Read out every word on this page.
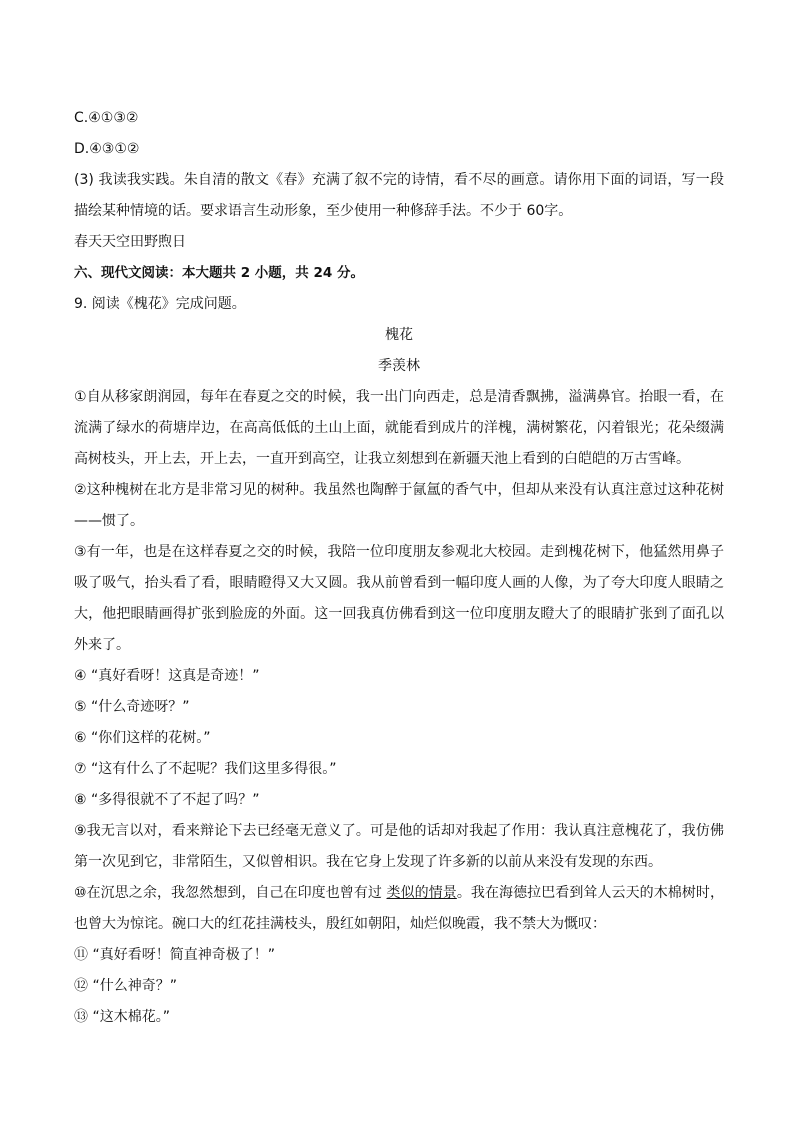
C.④①③②
D.④③①②
(3) 我读我实践。朱自清的散文《春》充满了叙不完的诗情，看不尽的画意。请你用下面的词语，写一段描绘某种情境的话。要求语言生动形象，至少使用一种修辞手法。不少于 60字。
春天天空田野煦日
六、现代文阅读：本大题共 2 小题，共 24 分。
9. 阅读《槐花》完成问题。
槐花
季羡林
①自从移家朗润园，每年在春夏之交的时候，我一出门向西走，总是清香飘拂，溢满鼻官。抬眼一看，在流满了绿水的荷塘岸边，在高高低低的土山上面，就能看到成片的洋槐，满树繁花，闪着银光；花朵缀满高树枝头，开上去，开上去，一直开到高空，让我立刻想到在新疆天池上看到的白皑皑的万古雪峰。
②这种槐树在北方是非常习见的树种。我虽然也陶醉于氤氲的香气中，但却从来没有认真注意过这种花树——惯了。
③有一年，也是在这样春夏之交的时候，我陪一位印度朋友参观北大校园。走到槐花树下，他猛然用鼻子吸了吸气，抬头看了看，眼睛瞪得又大又圆。我从前曾看到一幅印度人画的人像，为了夸大印度人眼睛之大，他把眼睛画得扩张到脸庞的外面。这一回我真仿佛看到这一位印度朋友瞪大了的眼睛扩张到了面孔以外来了。
④ “真好看呀！这真是奇迹！”
⑤ “什么奇迹呀？”
⑥ “你们这样的花树。”
⑦ “这有什么了不起呢？我们这里多得很。”
⑧ “多得很就不了不起了吗？”
⑨我无言以对，看来辩论下去已经毫无意义了。可是他的话却对我起了作用：我认真注意槐花了，我仿佛第一次见到它，非常陌生，又似曾相识。我在它身上发现了许多新的以前从来没有发现的东西。
⑩在沉思之余，我忽然想到，自己在印度也曾有过 类似的情景。我在海德拉巴看到耸人云天的木棉树时，也曾大为惊诧。碗口大的红花挂满枝头，殷红如朝阳，灿烂似晚霞，我不禁大为慨叹：
⑪ “真好看呀！简直神奇极了！”
⑫ “什么神奇？”
⑬ “这木棉花。”
